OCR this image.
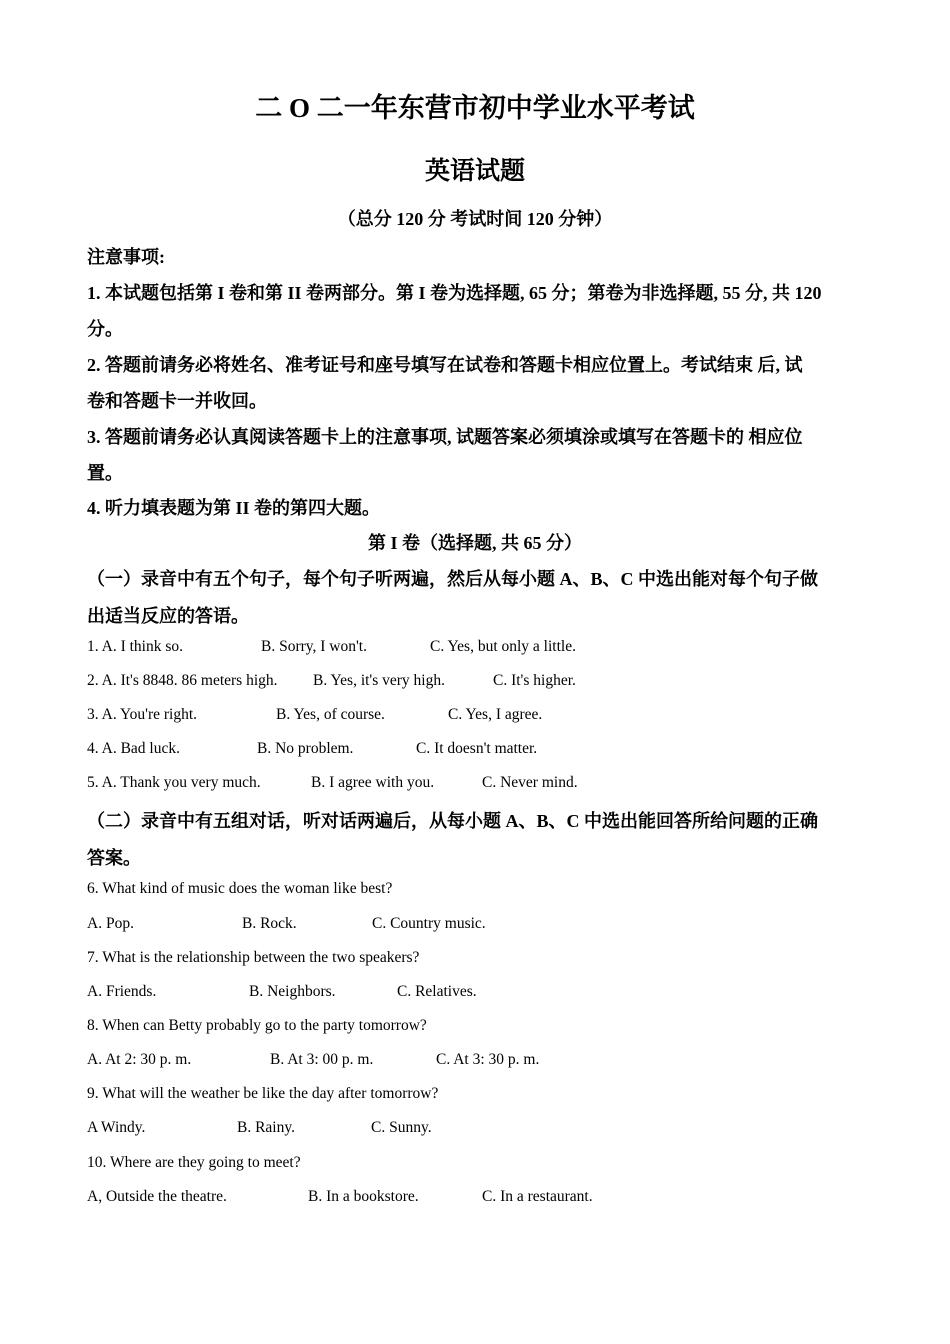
二 O 二一年东营市初中学业水平考试
英语试题
（总分 120 分 考试时间 120 分钟）
注意事项:
1. 本试题包括第 I 卷和第 II 卷两部分。第 I 卷为选择题, 65 分；第卷为非选择题, 55 分, 共 120
分。
2. 答题前请务必将姓名、准考证号和座号填写在试卷和答题卡相应位置上。考试结束 后, 试
卷和答题卡一并收回。
3. 答题前请务必认真阅读答题卡上的注意事项, 试题答案必须填涂或填写在答题卡的 相应位
置。
4. 听力填表题为第 II 卷的第四大题。
第 I 卷（选择题, 共 65 分）
（一）录音中有五个句子，每个句子听两遍，然后从每小题 A、B、C 中选出能对每个句子做
出适当反应的答语。
1. A. I think so.	B. Sorry, I won't.	C. Yes, but only a little.
2. A. It's 8848. 86 meters high. B. Yes, it's very high.	C. It's higher.
3. A. You're right.	B. Yes, of course.	C. Yes, I agree.
4. A. Bad luck.	B. No problem.	C. It doesn't matter.
5. A. Thank you very much.	B. I agree with you.	C. Never mind.
（二）录音中有五组对话，听对话两遍后，从每小题 A、B、C 中选出能回答所给问题的正确
答案。
6. What kind of music does the woman like best?
A. Pop.	B. Rock.	C. Country music.
7. What is the relationship between the two speakers?
A. Friends.	B. Neighbors.	C. Relatives.
8. When can Betty probably go to the party tomorrow?
A. At 2: 30 p. m.	B. At 3: 00 p. m.	C. At 3: 30 p. m.
9. What will the weather be like the day after tomorrow?
A Windy.	B. Rainy.	C. Sunny.
10. Where are they going to meet?
A, Outside the theatre.	B. In a bookstore.	C. In a restaurant.
